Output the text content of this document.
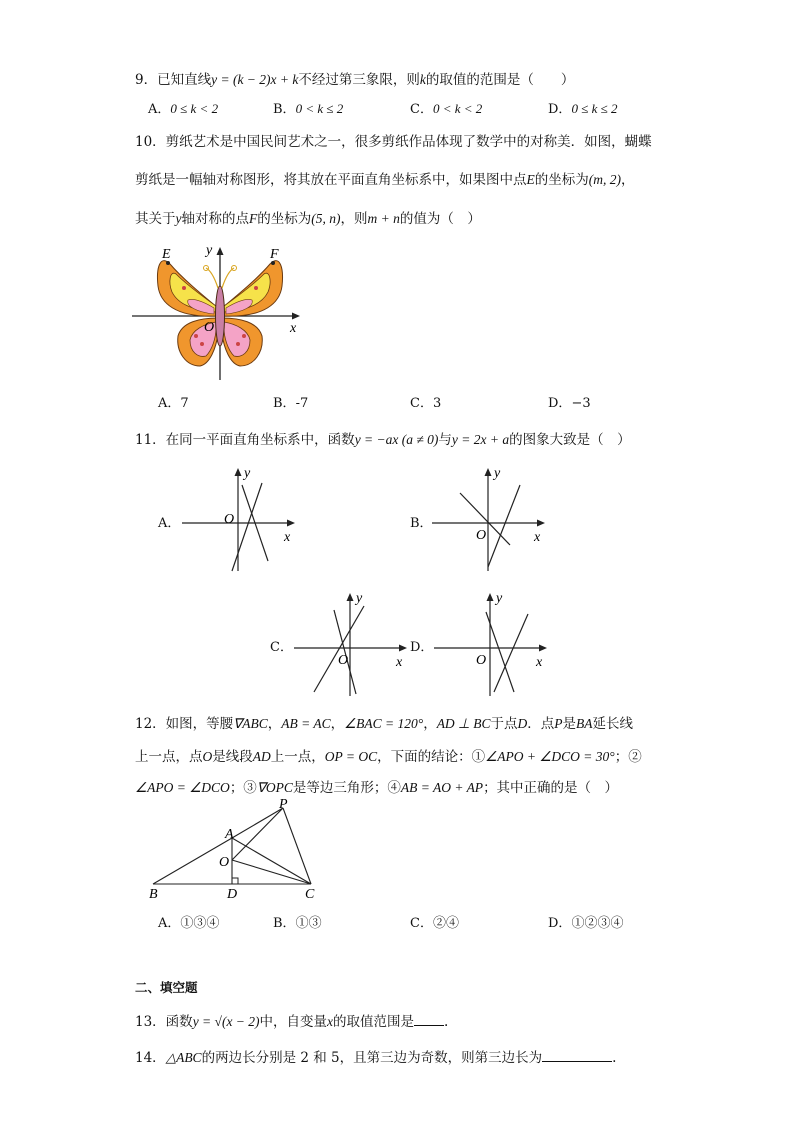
9．已知直线y = (k − 2)x + k不经过第三象限，则k的取值的范围是（　　）
A．0 ≤ k < 2	B．0 < k ≤ 2	C．0 < k < 2	D．0 ≤ k ≤ 2
10．剪纸艺术是中国民间艺术之一，很多剪纸作品体现了数学中的对称美．如图，蝴蝶
剪纸是一幅轴对称图形，将其放在平面直角坐标系中，如果图中点E的坐标为(m, 2)，
其关于y轴对称的点F的坐标为(5, n)，则m + n的值为（　）
E	F
O	x
y
A．7	B．-7	C．3	D．−3
11．在同一平面直角坐标系中，函数y = −ax (a ≠ 0)与y = 2x + a的图象大致是（　）
A．	O
x
y
B．
O	x
y
C．
O	x
y
D．
O	x
y
12．如图，等腰∇ABC，AB = AC，∠BAC = 120°，AD ⊥ BC于点D．点P是BA延长线
上一点，点O是线段AD上一点，OP = OC，下面的结论：①∠APO + ∠DCO = 30°；②
∠APO = ∠DCO；③∇OPC是等边三角形；④AB = AO + AP；其中正确的是（　）
A
B	C
D
O
P
A．①③④	B．①③	C．②④	D．①②③④
二、填空题
13．函数y = √(x − 2)中，自变量x的取值范围是 .
14．△ABC的两边长分别是 2 和 5，且第三边为奇数，则第三边长为	.
